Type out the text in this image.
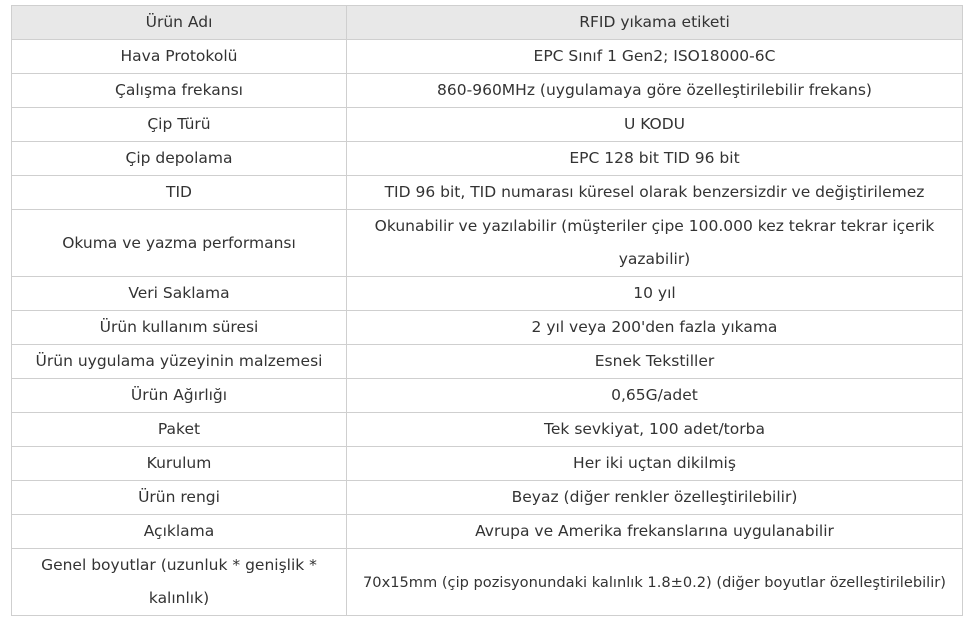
Ürün Adı	RFID yıkama etiketi
Hava Protokolü	EPC Sınıf 1 Gen2; ISO18000-6C
Çalışma frekansı	860-960MHz (uygulamaya göre özelleştirilebilir frekans)
Çip Türü	U KODU
Çip depolama	EPC 128 bit TID 96 bit
TID	TID 96 bit, TID numarası küresel olarak benzersizdir ve değiştirilemez
Okuma ve yazma performansı	Okunabilir ve yazılabilir (müşteriler çipe 100.000 kez tekrar tekrar içerik yazabilir)
Veri Saklama	10 yıl
Ürün kullanım süresi	2 yıl veya 200'den fazla yıkama
Ürün uygulama yüzeyinin malzemesi	Esnek Tekstiller
Ürün Ağırlığı	0,65G/adet
Paket	Tek sevkiyat, 100 adet/torba
Kurulum	Her iki uçtan dikilmiş
Ürün rengi	Beyaz (diğer renkler özelleştirilebilir)
Açıklama	Avrupa ve Amerika frekanslarına uygulanabilir
Genel boyutlar (uzunluk * genişlik * kalınlık)	70x15mm (çip pozisyonundaki kalınlık 1.8±0.2) (diğer boyutlar özelleştirilebilir)
